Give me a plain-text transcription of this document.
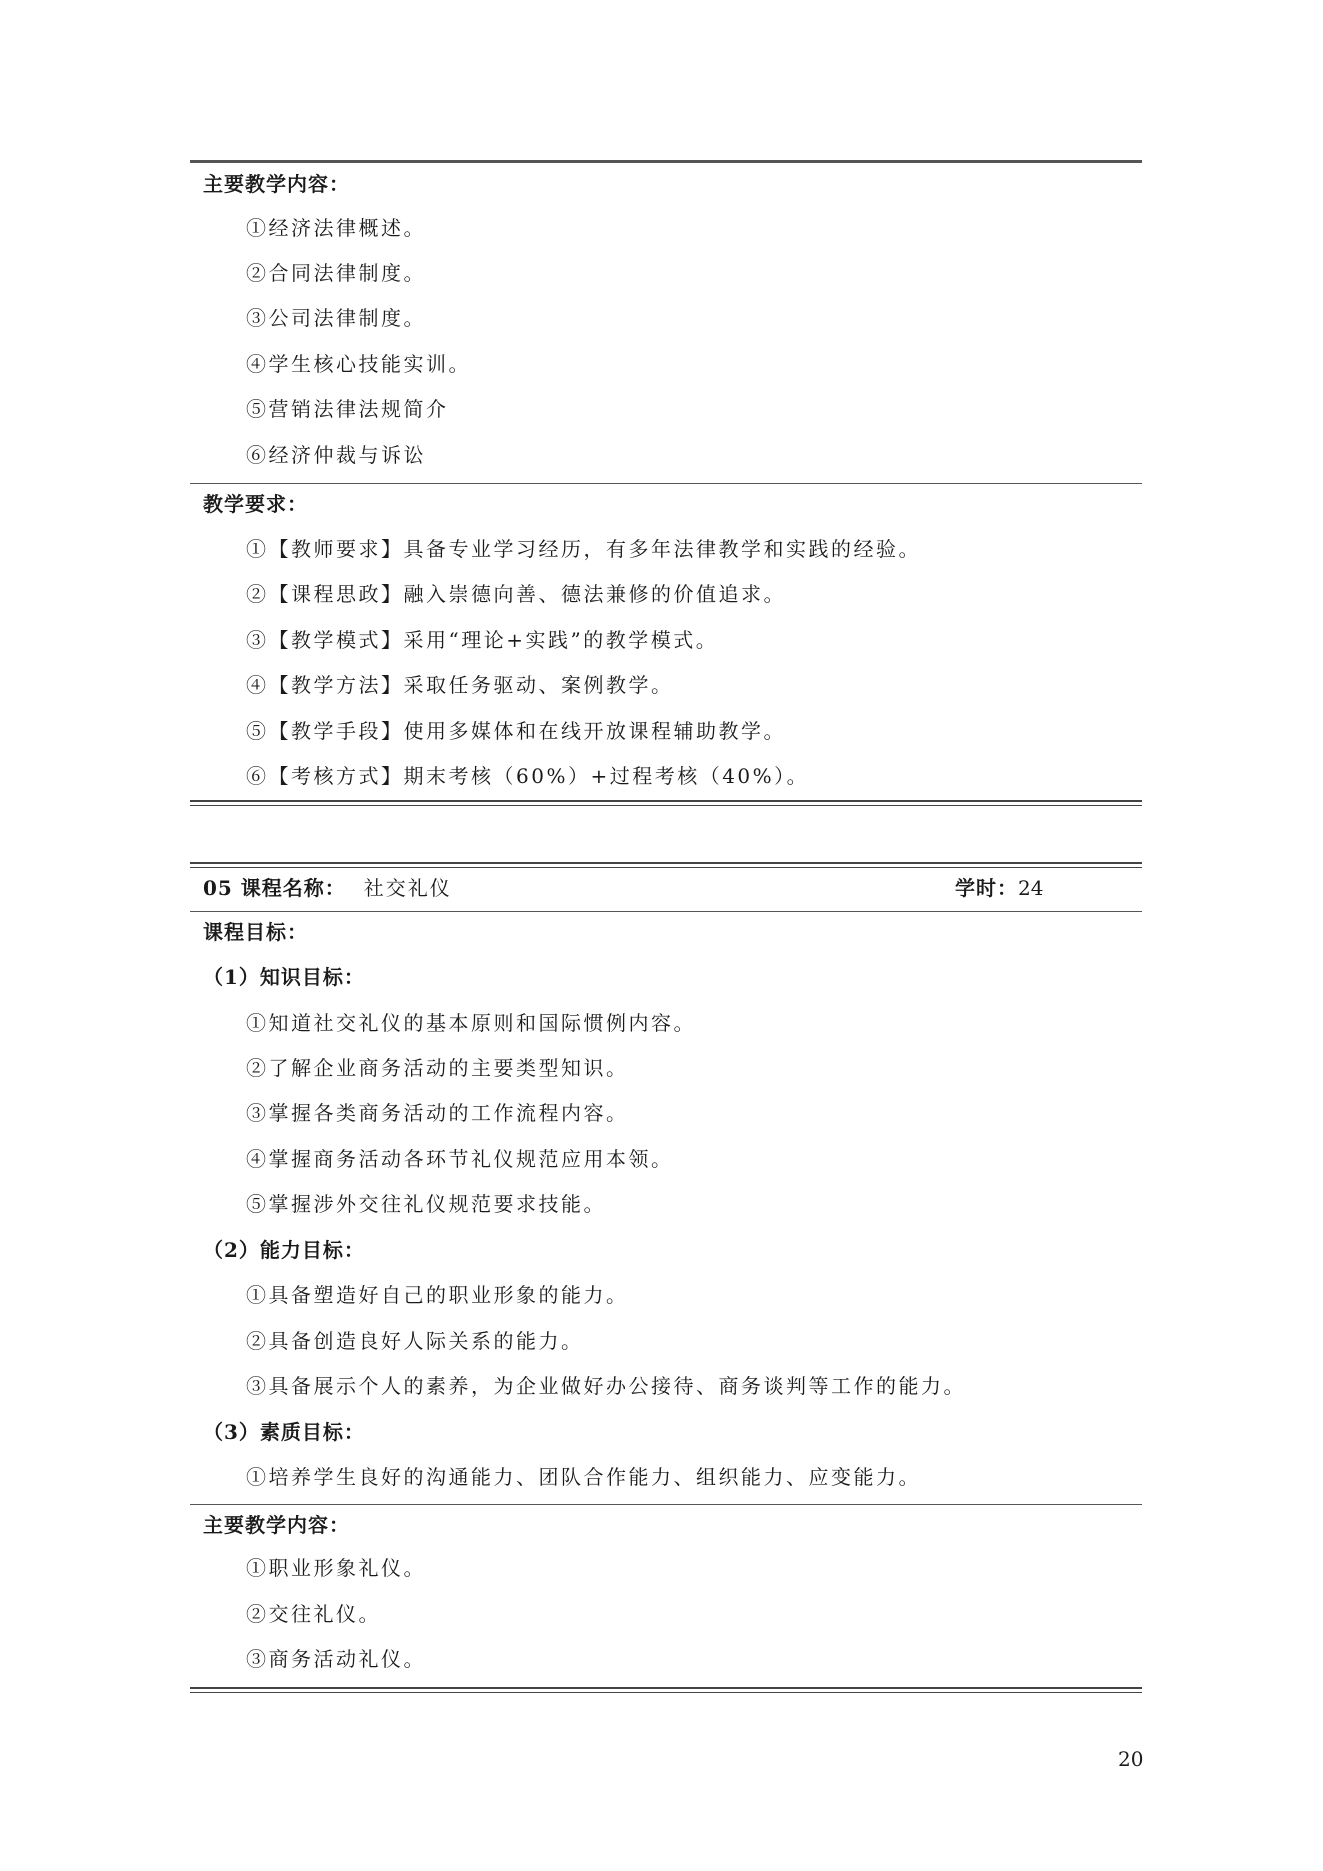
主要教学内容：
①经济法律概述。
②合同法律制度。
③公司法律制度。
④学生核心技能实训。
⑤营销法律法规简介
⑥经济仲裁与诉讼
教学要求：
①【教师要求】具备专业学习经历，有多年法律教学和实践的经验。
②【课程思政】融入崇德向善、德法兼修的价值追求。
③【教学模式】采用“理论+实践”的教学模式。
④【教学方法】采取任务驱动、案例教学。
⑤【教学手段】使用多媒体和在线开放课程辅助教学。
⑥【考核方式】期末考核（60%）+过程考核（40%）。
05 课程名称： 社交礼仪	学时：24
课程目标：
（1）知识目标：
①知道社交礼仪的基本原则和国际惯例内容。
②了解企业商务活动的主要类型知识。
③掌握各类商务活动的工作流程内容。
④掌握商务活动各环节礼仪规范应用本领。
⑤掌握涉外交往礼仪规范要求技能。
（2）能力目标：
①具备塑造好自己的职业形象的能力。
②具备创造良好人际关系的能力。
③具备展示个人的素养，为企业做好办公接待、商务谈判等工作的能力。
（3）素质目标：
①培养学生良好的沟通能力、团队合作能力、组织能力、应变能力。
主要教学内容：
①职业形象礼仪。
②交往礼仪。
③商务活动礼仪。
20
